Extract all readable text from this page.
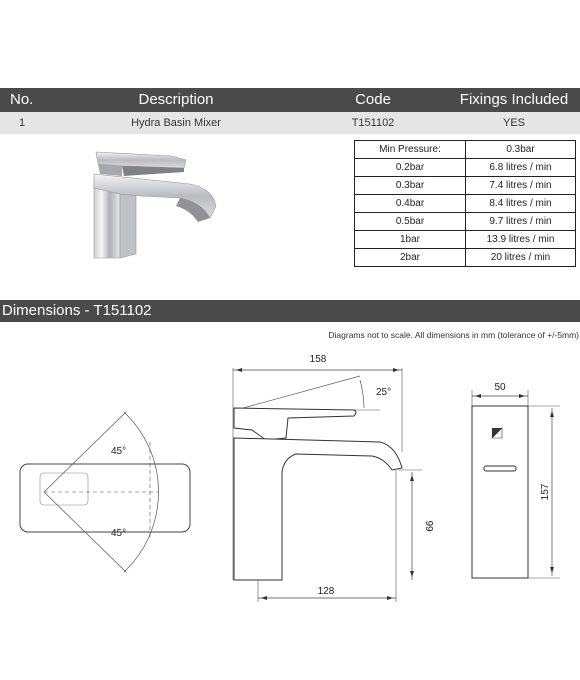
No.	Description	Code	Fixings Included
1	Hydra Basin Mixer	T151102	YES
Min Pressure:	0.3bar
0.2bar	6.8 litres / min
0.3bar	7.4 litres / min
0.4bar	8.4 litres / min
0.5bar	9.7 litres / min
1bar	13.9 litres / min
2bar	20 litres / min
Dimensions - T151102
Diagrams not to scale. All dimensions in mm (tolerance of +/-5mm)
45°
45°
158
25°
128
99
50
157
